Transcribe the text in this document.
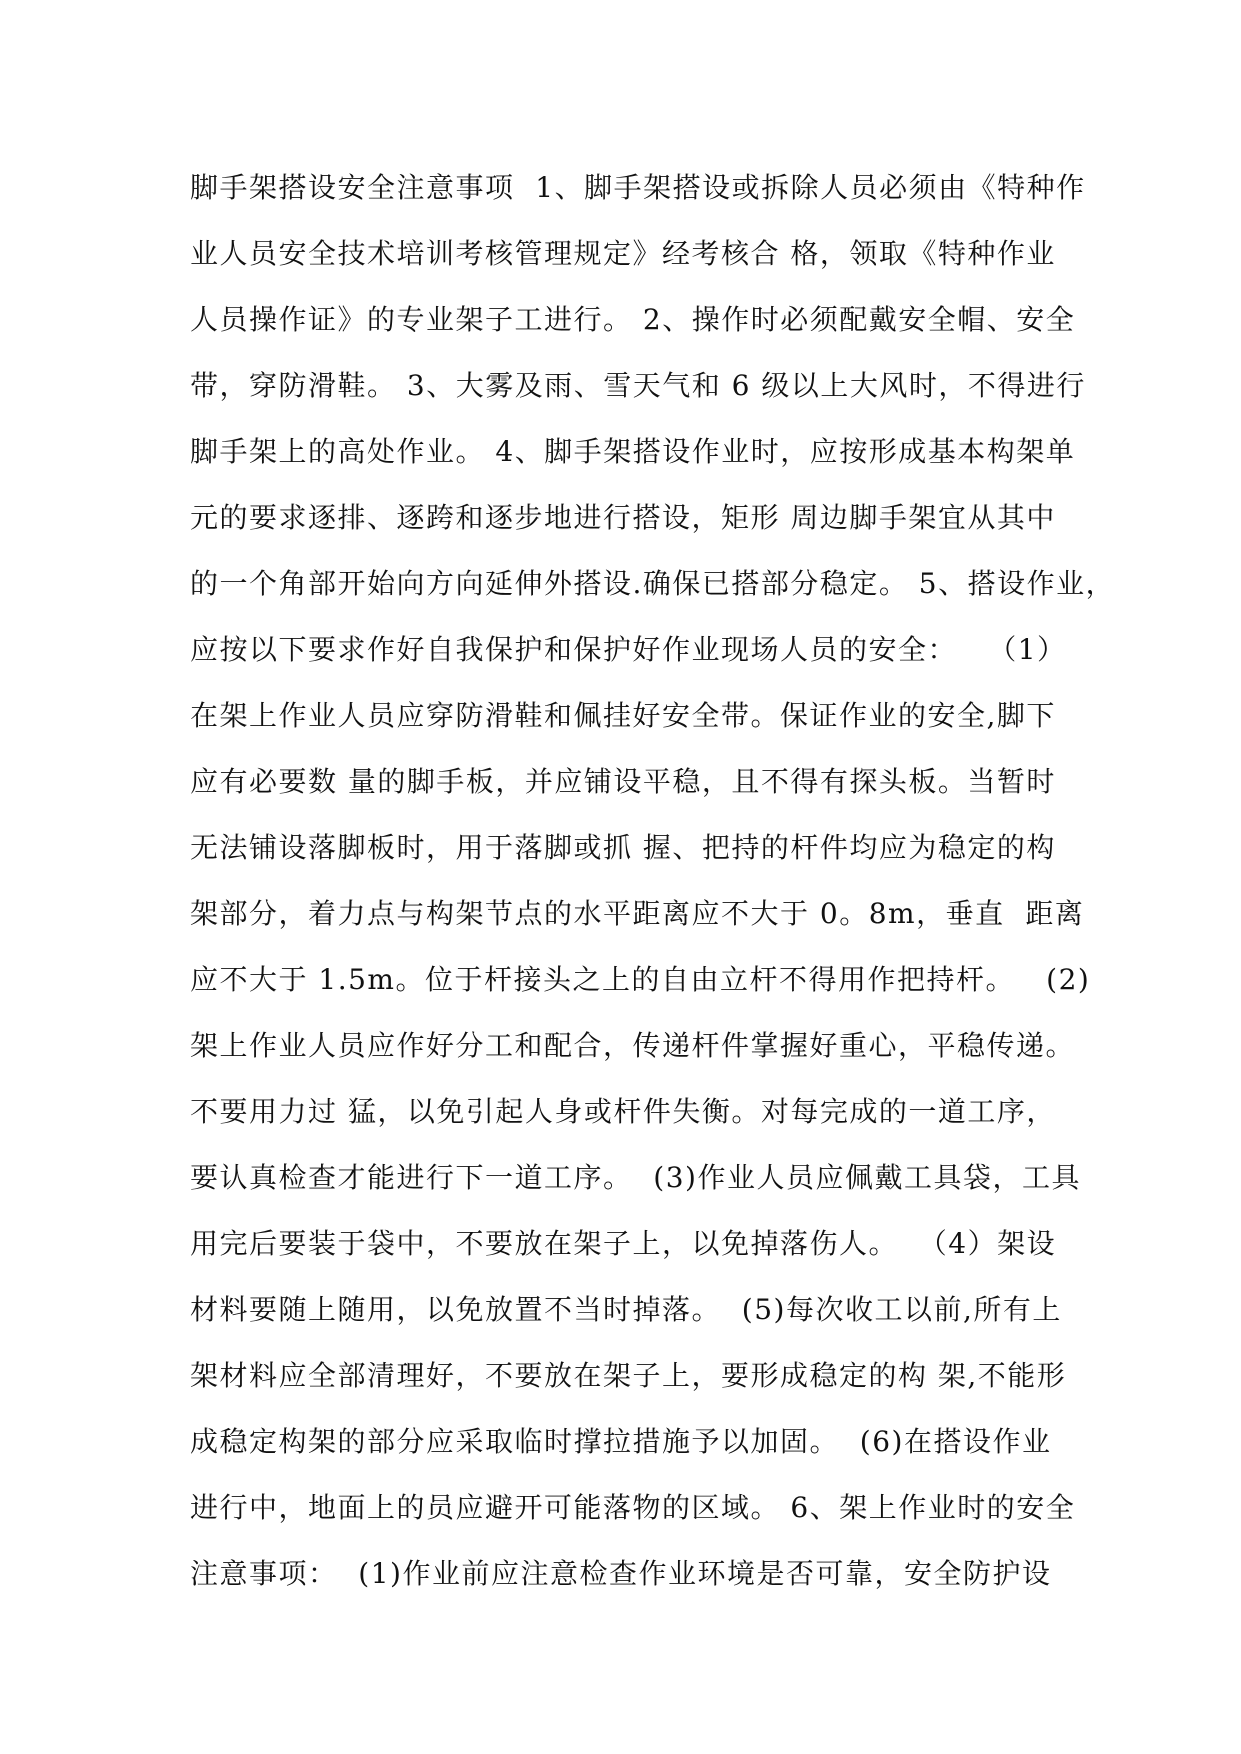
脚手架搭设安全注意事项  1、脚手架搭设或拆除人员必须由《特种作
业人员安全技术培训考核管理规定》经考核合 格，领取《特种作业
人员操作证》的专业架子工进行。 2、操作时必须配戴安全帽、安全
带，穿防滑鞋。 3、大雾及雨、雪天气和 6 级以上大风时，不得进行
脚手架上的高处作业。 4、脚手架搭设作业时，应按形成基本构架单
元的要求逐排、逐跨和逐步地进行搭设，矩形 周边脚手架宜从其中
的一个角部开始向方向延伸外搭设.确保已搭部分稳定。 5、搭设作业，
应按以下要求作好自我保护和保护好作业现场人员的安全：   （1）
在架上作业人员应穿防滑鞋和佩挂好安全带。保证作业的安全,脚下
应有必要数 量的脚手板，并应铺设平稳，且不得有探头板。当暂时
无法铺设落脚板时，用于落脚或抓 握、把持的杆件均应为稳定的构
架部分，着力点与构架节点的水平距离应不大于 0。8m，垂直  距离
应不大于 1.5m。位于杆接头之上的自由立杆不得用作把持杆。   (2)
架上作业人员应作好分工和配合，传递杆件掌握好重心，平稳传递。
不要用力过 猛，以免引起人身或杆件失衡。对每完成的一道工序，
要认真检查才能进行下一道工序。  (3)作业人员应佩戴工具袋，工具
用完后要装于袋中，不要放在架子上，以免掉落伤人。  （4）架设
材料要随上随用，以免放置不当时掉落。  (5)每次收工以前,所有上
架材料应全部清理好，不要放在架子上，要形成稳定的构 架,不能形
成稳定构架的部分应采取临时撑拉措施予以加固。  (6)在搭设作业
进行中，地面上的员应避开可能落物的区域。 6、架上作业时的安全
注意事项：  (1)作业前应注意检查作业环境是否可靠，安全防护设
